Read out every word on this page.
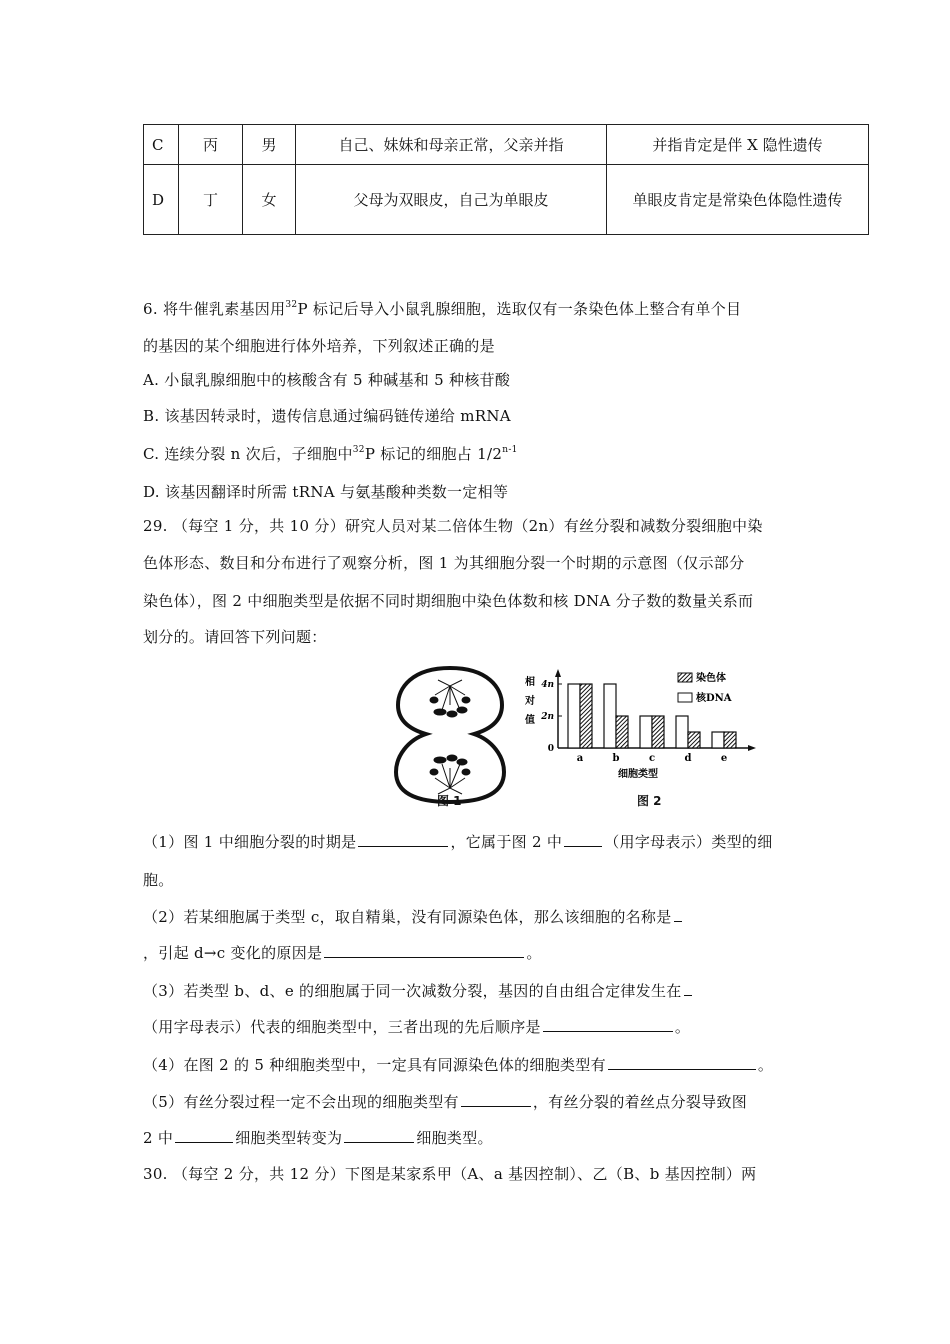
C	丙	男	自己、妹妹和母亲正常，父亲并指	并指肯定是伴 X 隐性遗传
D	丁	女	父母为双眼皮，自己为单眼皮	单眼皮肯定是常染色体隐性遗传
6. 将牛催乳素基因用$^{32}$P 标记后导入小鼠乳腺细胞，选取仅有一条染色体上整合有单个目
的基因的某个细胞进行体外培养，下列叙述正确的是
A. 小鼠乳腺细胞中的核酸含有 5 种碱基和 5 种核苷酸
B. 该基因转录时，遗传信息通过编码链传递给 mRNA
C. 连续分裂 n 次后，子细胞中$^{32}$P 标记的细胞占 1/2$^{n-1}$
D. 该基因翻译时所需 tRNA 与氨基酸种类数一定相等
29. （每空 1 分，共 10 分）研究人员对某二倍体生物（2n）有丝分裂和减数分裂细胞中染
色体形态、数目和分布进行了观察分析，图 1 为其细胞分裂一个时期的示意图（仅示部分
染色体），图 2 中细胞类型是依据不同时期细胞中染色体数和核 DNA 分子数的数量关系而
划分的。请回答下列问题：
图 1
相
对
值
0
2n
4n
a	b	c	d	e
染色体
核DNA
细胞类型
图 2
（1）图 1 中细胞分裂的时期是	，它属于图 2 中	（用字母表示）类型的细
胞。
（2）若某细胞属于类型 c，取自精巢，没有同源染色体，那么该细胞的名称是
，引起 d→c 变化的原因是	。
（3）若类型 b、d、e 的细胞属于同一次减数分裂，基因的自由组合定律发生在
（用字母表示）代表的细胞类型中，三者出现的先后顺序是	。
（4）在图 2 的 5 种细胞类型中，一定具有同源染色体的细胞类型有	。
（5）有丝分裂过程一定不会出现的细胞类型有	，有丝分裂的着丝点分裂导致图
2 中	细胞类型转变为	细胞类型。
30. （每空 2 分，共 12 分）下图是某家系甲（A、a 基因控制）、乙（B、b 基因控制）两
